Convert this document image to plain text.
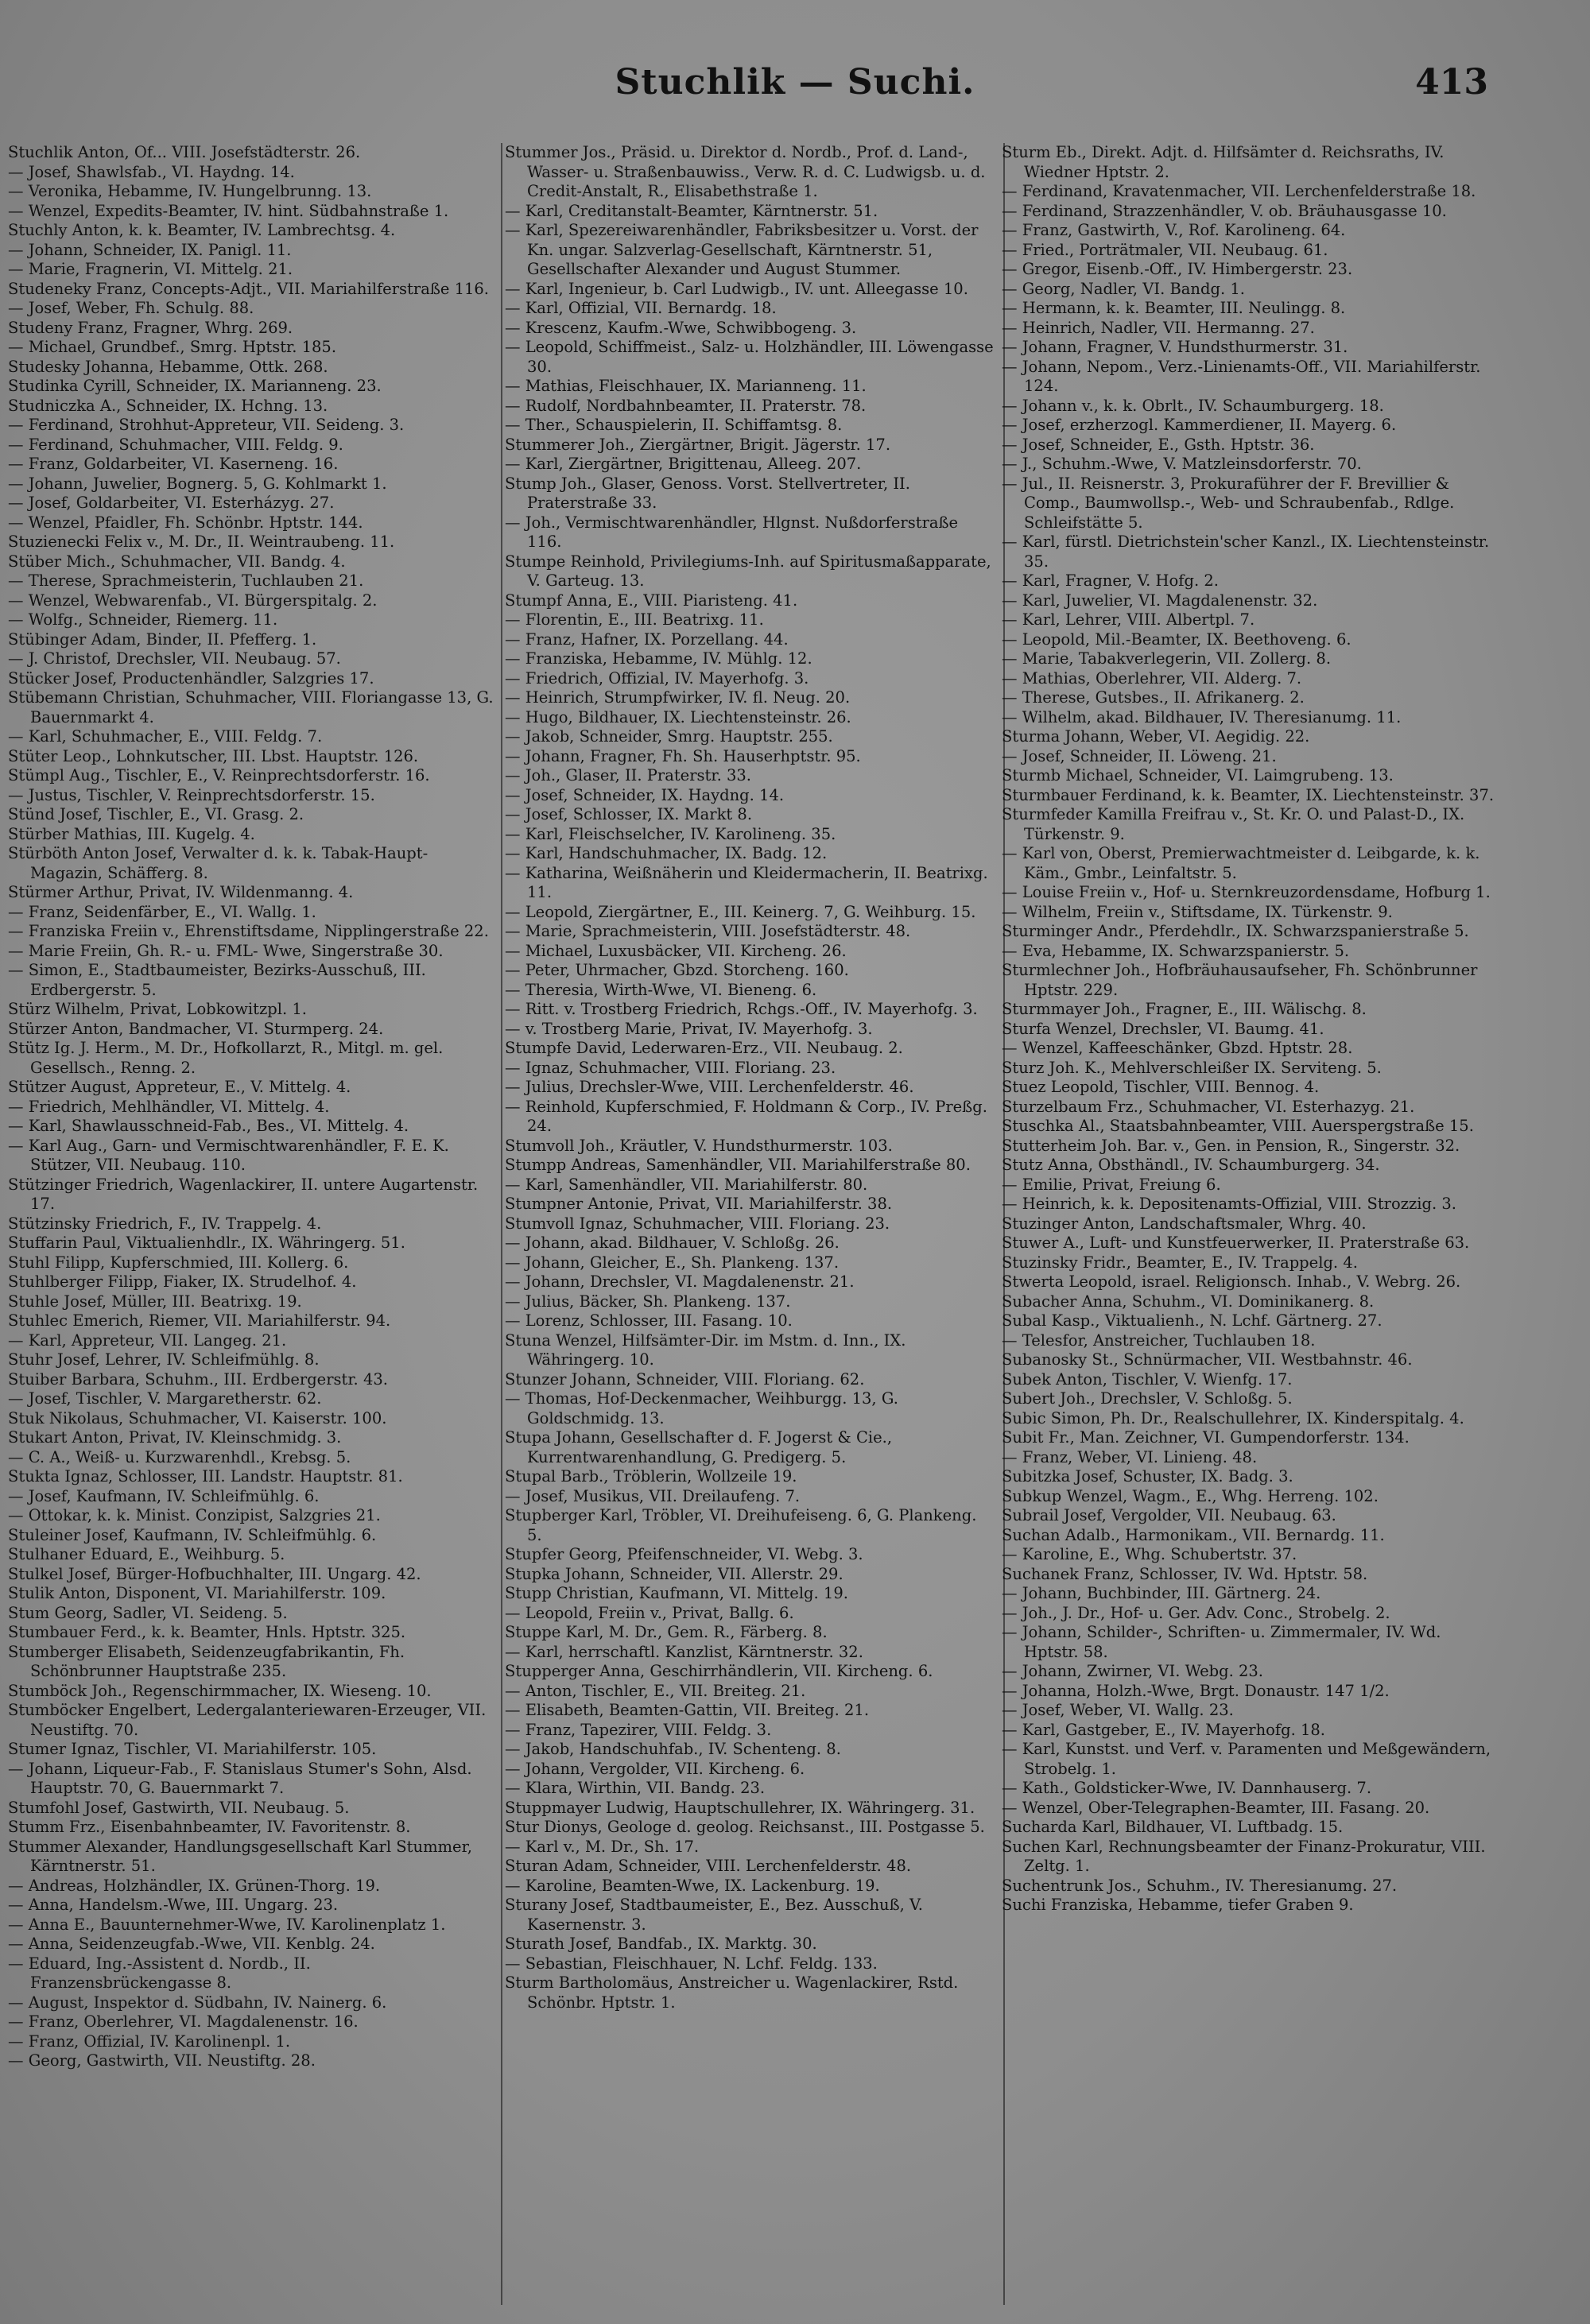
Stuchlik — Suchi.	413
Stuchlik Anton, Of... VIII. Josefstädterstr. 26.
— Josef, Shawlsfab., VI. Haydng. 14.
— Veronika, Hebamme, IV. Hungelbrunng. 13.
— Wenzel, Expedits-Beamter, IV. hint. Südbahnstraße 1.
Stuchly Anton, k. k. Beamter, IV. Lambrechtsg. 4.
— Johann, Schneider, IX. Panigl. 11.
— Marie, Fragnerin, VI. Mittelg. 21.
Studeneky Franz, Concepts-Adjt., VII. Mariahilferstraße 116.
— Josef, Weber, Fh. Schulg. 88.
Studeny Franz, Fragner, Whrg. 269.
— Michael, Grundbef., Smrg. Hptstr. 185.
Studesky Johanna, Hebamme, Ottk. 268.
Studinka Cyrill, Schneider, IX. Marianneng. 23.
Studniczka A., Schneider, IX. Hchng. 13.
— Ferdinand, Strohhut-Appreteur, VII. Seideng. 3.
— Ferdinand, Schuhmacher, VIII. Feldg. 9.
— Franz, Goldarbeiter, VI. Kaserneng. 16.
— Johann, Juwelier, Bognerg. 5, G. Kohlmarkt 1.
— Josef, Goldarbeiter, VI. Esterházyg. 27.
— Wenzel, Pfaidler, Fh. Schönbr. Hptstr. 144.
Stuzienecki Felix v., M. Dr., II. Weintraubeng. 11.
Stüber Mich., Schuhmacher, VII. Bandg. 4.
— Therese, Sprachmeisterin, Tuchlauben 21.
— Wenzel, Webwarenfab., VI. Bürgerspitalg. 2.
— Wolfg., Schneider, Riemerg. 11.
Stübinger Adam, Binder, II. Pfefferg. 1.
— J. Christof, Drechsler, VII. Neubaug. 57.
Stücker Josef, Productenhändler, Salzgries 17.
Stübemann Christian, Schuhmacher, VIII. Floriangasse 13, G. Bauernmarkt 4.
— Karl, Schuhmacher, E., VIII. Feldg. 7.
Stüter Leop., Lohnkutscher, III. Lbst. Hauptstr. 126.
Stümpl Aug., Tischler, E., V. Reinprechtsdorferstr. 16.
— Justus, Tischler, V. Reinprechtsdorferstr. 15.
Stünd Josef, Tischler, E., VI. Grasg. 2.
Stürber Mathias, III. Kugelg. 4.
Stürböth Anton Josef, Verwalter d. k. k. Tabak-Haupt-Magazin, Schäfferg. 8.
Stürmer Arthur, Privat, IV. Wildenmanng. 4.
— Franz, Seidenfärber, E., VI. Wallg. 1.
— Franziska Freiin v., Ehrenstiftsdame, Nipplingerstraße 22.
— Marie Freiin, Gh. R.- u. FML- Wwe, Singerstraße 30.
— Simon, E., Stadtbaumeister, Bezirks-Ausschuß, III. Erdbergerstr. 5.
Stürz Wilhelm, Privat, Lobkowitzpl. 1.
Stürzer Anton, Bandmacher, VI. Sturmperg. 24.
Stütz Ig. J. Herm., M. Dr., Hofkollarzt, R., Mitgl. m. gel. Gesellsch., Renng. 2.
Stützer August, Appreteur, E., V. Mittelg. 4.
— Friedrich, Mehlhändler, VI. Mittelg. 4.
— Karl, Shawlausschneid-Fab., Bes., VI. Mittelg. 4.
— Karl Aug., Garn- und Vermischtwarenhändler, F. E. K. Stützer, VII. Neubaug. 110.
Stützinger Friedrich, Wagenlackirer, II. untere Augartenstr. 17.
Stützinsky Friedrich, F., IV. Trappelg. 4.
Stuffarin Paul, Viktualienhdlr., IX. Währingerg. 51.
Stuhl Filipp, Kupferschmied, III. Kollerg. 6.
Stuhlberger Filipp, Fiaker, IX. Strudelhof. 4.
Stuhle Josef, Müller, III. Beatrixg. 19.
Stuhlec Emerich, Riemer, VII. Mariahilferstr. 94.
— Karl, Appreteur, VII. Langeg. 21.
Stuhr Josef, Lehrer, IV. Schleifmühlg. 8.
Stuiber Barbara, Schuhm., III. Erdbergerstr. 43.
— Josef, Tischler, V. Margaretherstr. 62.
Stuk Nikolaus, Schuhmacher, VI. Kaiserstr. 100.
Stukart Anton, Privat, IV. Kleinschmidg. 3.
— C. A., Weiß- u. Kurzwarenhdl., Krebsg. 5.
Stukta Ignaz, Schlosser, III. Landstr. Hauptstr. 81.
— Josef, Kaufmann, IV. Schleifmühlg. 6.
— Ottokar, k. k. Minist. Conzipist, Salzgries 21.
Stuleiner Josef, Kaufmann, IV. Schleifmühlg. 6.
Stulhaner Eduard, E., Weihburg. 5.
Stulkel Josef, Bürger-Hofbuchhalter, III. Ungarg. 42.
Stulik Anton, Disponent, VI. Mariahilferstr. 109.
Stum Georg, Sadler, VI. Seideng. 5.
Stumbauer Ferd., k. k. Beamter, Hnls. Hptstr. 325.
Stumberger Elisabeth, Seidenzeugfabrikantin, Fh. Schönbrunner Hauptstraße 235.
Stumböck Joh., Regenschirmmacher, IX. Wieseng. 10.
Stumböcker Engelbert, Ledergalanteriewaren-Erzeuger, VII. Neustiftg. 70.
Stumer Ignaz, Tischler, VI. Mariahilferstr. 105.
— Johann, Liqueur-Fab., F. Stanislaus Stumer's Sohn, Alsd. Hauptstr. 70, G. Bauernmarkt 7.
Stumfohl Josef, Gastwirth, VII. Neubaug. 5.
Stumm Frz., Eisenbahnbeamter, IV. Favoritenstr. 8.
Stummer Alexander, Handlungsgesellschaft Karl Stummer, Kärntnerstr. 51.
— Andreas, Holzhändler, IX. Grünen-Thorg. 19.
— Anna, Handelsm.-Wwe, III. Ungarg. 23.
— Anna E., Bauunternehmer-Wwe, IV. Karolinenplatz 1.
— Anna, Seidenzeugfab.-Wwe, VII. Kenblg. 24.
— Eduard, Ing.-Assistent d. Nordb., II. Franzensbrückengasse 8.
— August, Inspektor d. Südbahn, IV. Nainerg. 6.
— Franz, Oberlehrer, VI. Magdalenenstr. 16.
— Franz, Offizial, IV. Karolinenpl. 1.
— Georg, Gastwirth, VII. Neustiftg. 28.
Stummer Jos., Präsid. u. Direktor d. Nordb., Prof. d. Land-, Wasser- u. Straßenbauwiss., Verw. R. d. C. Ludwigsb. u. d. Credit-Anstalt, R., Elisabethstraße 1.
— Karl, Creditanstalt-Beamter, Kärntnerstr. 51.
— Karl, Spezereiwarenhändler, Fabriksbesitzer u. Vorst. der Kn. ungar. Salzverlag-Gesellschaft, Kärntnerstr. 51, Gesellschafter Alexander und August Stummer.
— Karl, Ingenieur, b. Carl Ludwigb., IV. unt. Alleegasse 10.
— Karl, Offizial, VII. Bernardg. 18.
— Krescenz, Kaufm.-Wwe, Schwibbogeng. 3.
— Leopold, Schiffmeist., Salz- u. Holzhändler, III. Löwengasse 30.
— Mathias, Fleischhauer, IX. Marianneng. 11.
— Rudolf, Nordbahnbeamter, II. Praterstr. 78.
— Ther., Schauspielerin, II. Schiffamtsg. 8.
Stummerer Joh., Ziergärtner, Brigit. Jägerstr. 17.
— Karl, Ziergärtner, Brigittenau, Alleeg. 207.
Stump Joh., Glaser, Genoss. Vorst. Stellvertreter, II. Praterstraße 33.
— Joh., Vermischtwarenhändler, Hlgnst. Nußdorferstraße 116.
Stumpe Reinhold, Privilegiums-Inh. auf Spiritusmaßapparate, V. Garteug. 13.
Stumpf Anna, E., VIII. Piaristeng. 41.
— Florentin, E., III. Beatrixg. 11.
— Franz, Hafner, IX. Porzellang. 44.
— Franziska, Hebamme, IV. Mühlg. 12.
— Friedrich, Offizial, IV. Mayerhofg. 3.
— Heinrich, Strumpfwirker, IV. fl. Neug. 20.
— Hugo, Bildhauer, IX. Liechtensteinstr. 26.
— Jakob, Schneider, Smrg. Hauptstr. 255.
— Johann, Fragner, Fh. Sh. Hauserhptstr. 95.
— Joh., Glaser, II. Praterstr. 33.
— Josef, Schneider, IX. Haydng. 14.
— Josef, Schlosser, IX. Markt 8.
— Karl, Fleischselcher, IV. Karolineng. 35.
— Karl, Handschuhmacher, IX. Badg. 12.
— Katharina, Weißnäherin und Kleidermacherin, II. Beatrixg. 11.
— Leopold, Ziergärtner, E., III. Keinerg. 7, G. Weihburg. 15.
— Marie, Sprachmeisterin, VIII. Josefstädterstr. 48.
— Michael, Luxusbäcker, VII. Kircheng. 26.
— Peter, Uhrmacher, Gbzd. Storcheng. 160.
— Theresia, Wirth-Wwe, VI. Bieneng. 6.
— Ritt. v. Trostberg Friedrich, Rchgs.-Off., IV. Mayerhofg. 3.
— v. Trostberg Marie, Privat, IV. Mayerhofg. 3.
Stumpfe David, Lederwaren-Erz., VII. Neubaug. 2.
— Ignaz, Schuhmacher, VIII. Floriang. 23.
— Julius, Drechsler-Wwe, VIII. Lerchenfelderstr. 46.
— Reinhold, Kupferschmied, F. Holdmann & Corp., IV. Preßg. 24.
Stumvoll Joh., Kräutler, V. Hundsthurmerstr. 103.
Stumpp Andreas, Samenhändler, VII. Mariahilferstraße 80.
— Karl, Samenhändler, VII. Mariahilferstr. 80.
Stumpner Antonie, Privat, VII. Mariahilferstr. 38.
Stumvoll Ignaz, Schuhmacher, VIII. Floriang. 23.
— Johann, akad. Bildhauer, V. Schloßg. 26.
— Johann, Gleicher, E., Sh. Plankeng. 137.
— Johann, Drechsler, VI. Magdalenenstr. 21.
— Julius, Bäcker, Sh. Plankeng. 137.
— Lorenz, Schlosser, III. Fasang. 10.
Stuna Wenzel, Hilfsämter-Dir. im Mstm. d. Inn., IX. Währingerg. 10.
Stunzer Johann, Schneider, VIII. Floriang. 62.
— Thomas, Hof-Deckenmacher, Weihburgg. 13, G. Goldschmidg. 13.
Stupa Johann, Gesellschafter d. F. Jogerst & Cie., Kurrentwarenhandlung, G. Predigerg. 5.
Stupal Barb., Tröblerin, Wollzeile 19.
— Josef, Musikus, VII. Dreilaufeng. 7.
Stupberger Karl, Tröbler, VI. Dreihufeiseng. 6, G. Plankeng. 5.
Stupfer Georg, Pfeifenschneider, VI. Webg. 3.
Stupka Johann, Schneider, VII. Allerstr. 29.
Stupp Christian, Kaufmann, VI. Mittelg. 19.
— Leopold, Freiin v., Privat, Ballg. 6.
Stuppe Karl, M. Dr., Gem. R., Färberg. 8.
— Karl, herrschaftl. Kanzlist, Kärntnerstr. 32.
Stupperger Anna, Geschirrhändlerin, VII. Kircheng. 6.
— Anton, Tischler, E., VII. Breiteg. 21.
— Elisabeth, Beamten-Gattin, VII. Breiteg. 21.
— Franz, Tapezirer, VIII. Feldg. 3.
— Jakob, Handschuhfab., IV. Schenteng. 8.
— Johann, Vergolder, VII. Kircheng. 6.
— Klara, Wirthin, VII. Bandg. 23.
Stuppmayer Ludwig, Hauptschullehrer, IX. Währingerg. 31.
Stur Dionys, Geologe d. geolog. Reichsanst., III. Postgasse 5.
— Karl v., M. Dr., Sh. 17.
Sturan Adam, Schneider, VIII. Lerchenfelderstr. 48.
— Karoline, Beamten-Wwe, IX. Lackenburg. 19.
Sturany Josef, Stadtbaumeister, E., Bez. Ausschuß, V. Kasernenstr. 3.
Sturath Josef, Bandfab., IX. Marktg. 30.
— Sebastian, Fleischhauer, N. Lchf. Feldg. 133.
Sturm Bartholomäus, Anstreicher u. Wagenlackirer, Rstd. Schönbr. Hptstr. 1.
Sturm Eb., Direkt. Adjt. d. Hilfsämter d. Reichsraths, IV. Wiedner Hptstr. 2.
— Ferdinand, Kravatenmacher, VII. Lerchenfelderstraße 18.
— Ferdinand, Strazzenhändler, V. ob. Bräuhausgasse 10.
— Franz, Gastwirth, V., Rof. Karolineng. 64.
— Fried., Porträtmaler, VII. Neubaug. 61.
— Gregor, Eisenb.-Off., IV. Himbergerstr. 23.
— Georg, Nadler, VI. Bandg. 1.
— Hermann, k. k. Beamter, III. Neulingg. 8.
— Heinrich, Nadler, VII. Hermanng. 27.
— Johann, Fragner, V. Hundsthurmerstr. 31.
— Johann, Nepom., Verz.-Linienamts-Off., VII. Mariahilferstr. 124.
— Johann v., k. k. Obrlt., IV. Schaumburgerg. 18.
— Josef, erzherzogl. Kammerdiener, II. Mayerg. 6.
— Josef, Schneider, E., Gsth. Hptstr. 36.
— J., Schuhm.-Wwe, V. Matzleinsdorferstr. 70.
— Jul., II. Reisnerstr. 3, Prokuraführer der F. Brevillier & Comp., Baumwollsp.-, Web- und Schraubenfab., Rdlge. Schleifstätte 5.
— Karl, fürstl. Dietrichstein'scher Kanzl., IX. Liechtensteinstr. 35.
— Karl, Fragner, V. Hofg. 2.
— Karl, Juwelier, VI. Magdalenenstr. 32.
— Karl, Lehrer, VIII. Albertpl. 7.
— Leopold, Mil.-Beamter, IX. Beethoveng. 6.
— Marie, Tabakverlegerin, VII. Zollerg. 8.
— Mathias, Oberlehrer, VII. Alderg. 7.
— Therese, Gutsbes., II. Afrikanerg. 2.
— Wilhelm, akad. Bildhauer, IV. Theresianumg. 11.
Sturma Johann, Weber, VI. Aegidig. 22.
— Josef, Schneider, II. Löweng. 21.
Sturmb Michael, Schneider, VI. Laimgrubeng. 13.
Sturmbauer Ferdinand, k. k. Beamter, IX. Liechtensteinstr. 37.
Sturmfeder Kamilla Freifrau v., St. Kr. O. und Palast-D., IX. Türkenstr. 9.
— Karl von, Oberst, Premierwachtmeister d. Leibgarde, k. k. Käm., Gmbr., Leinfaltstr. 5.
— Louise Freiin v., Hof- u. Sternkreuzordensdame, Hofburg 1.
— Wilhelm, Freiin v., Stiftsdame, IX. Türkenstr. 9.
Sturminger Andr., Pferdehdlr., IX. Schwarzspanierstraße 5.
— Eva, Hebamme, IX. Schwarzspanierstr. 5.
Sturmlechner Joh., Hofbräuhausaufseher, Fh. Schönbrunner Hptstr. 229.
Sturmmayer Joh., Fragner, E., III. Wälischg. 8.
Sturfa Wenzel, Drechsler, VI. Baumg. 41.
— Wenzel, Kaffeeschänker, Gbzd. Hptstr. 28.
Sturz Joh. K., Mehlverschleißer IX. Serviteng. 5.
Stuez Leopold, Tischler, VIII. Bennog. 4.
Sturzelbaum Frz., Schuhmacher, VI. Esterhazyg. 21.
Stuschka Al., Staatsbahnbeamter, VIII. Auerspergstraße 15.
Stutterheim Joh. Bar. v., Gen. in Pension, R., Singerstr. 32.
Stutz Anna, Obsthändl., IV. Schaumburgerg. 34.
— Emilie, Privat, Freiung 6.
— Heinrich, k. k. Depositenamts-Offizial, VIII. Strozzig. 3.
Stuzinger Anton, Landschaftsmaler, Whrg. 40.
Stuwer A., Luft- und Kunstfeuerwerker, II. Praterstraße 63.
Stuzinsky Fridr., Beamter, E., IV. Trappelg. 4.
Stwerta Leopold, israel. Religionsch. Inhab., V. Webrg. 26.
Subacher Anna, Schuhm., VI. Dominikanerg. 8.
Subal Kasp., Viktualienh., N. Lchf. Gärtnerg. 27.
— Telesfor, Anstreicher, Tuchlauben 18.
Subanosky St., Schnürmacher, VII. Westbahnstr. 46.
Subek Anton, Tischler, V. Wienfg. 17.
Subert Joh., Drechsler, V. Schloßg. 5.
Subic Simon, Ph. Dr., Realschullehrer, IX. Kinderspitalg. 4.
Subit Fr., Man. Zeichner, VI. Gumpendorferstr. 134.
— Franz, Weber, VI. Linieng. 48.
Subitzka Josef, Schuster, IX. Badg. 3.
Subkup Wenzel, Wagm., E., Whg. Herreng. 102.
Subrail Josef, Vergolder, VII. Neubaug. 63.
Suchan Adalb., Harmonikam., VII. Bernardg. 11.
— Karoline, E., Whg. Schubertstr. 37.
Suchanek Franz, Schlosser, IV. Wd. Hptstr. 58.
— Johann, Buchbinder, III. Gärtnerg. 24.
— Joh., J. Dr., Hof- u. Ger. Adv. Conc., Strobelg. 2.
— Johann, Schilder-, Schriften- u. Zimmermaler, IV. Wd. Hptstr. 58.
— Johann, Zwirner, VI. Webg. 23.
— Johanna, Holzh.-Wwe, Brgt. Donaustr. 147 1/2.
— Josef, Weber, VI. Wallg. 23.
— Karl, Gastgeber, E., IV. Mayerhofg. 18.
— Karl, Kunstst. und Verf. v. Paramenten und Meßgewändern, Strobelg. 1.
— Kath., Goldsticker-Wwe, IV. Dannhauserg. 7.
— Wenzel, Ober-Telegraphen-Beamter, III. Fasang. 20.
Sucharda Karl, Bildhauer, VI. Luftbadg. 15.
Suchen Karl, Rechnungsbeamter der Finanz-Prokuratur, VIII. Zeltg. 1.
Suchentrunk Jos., Schuhm., IV. Theresianumg. 27.
Suchi Franziska, Hebamme, tiefer Graben 9.
